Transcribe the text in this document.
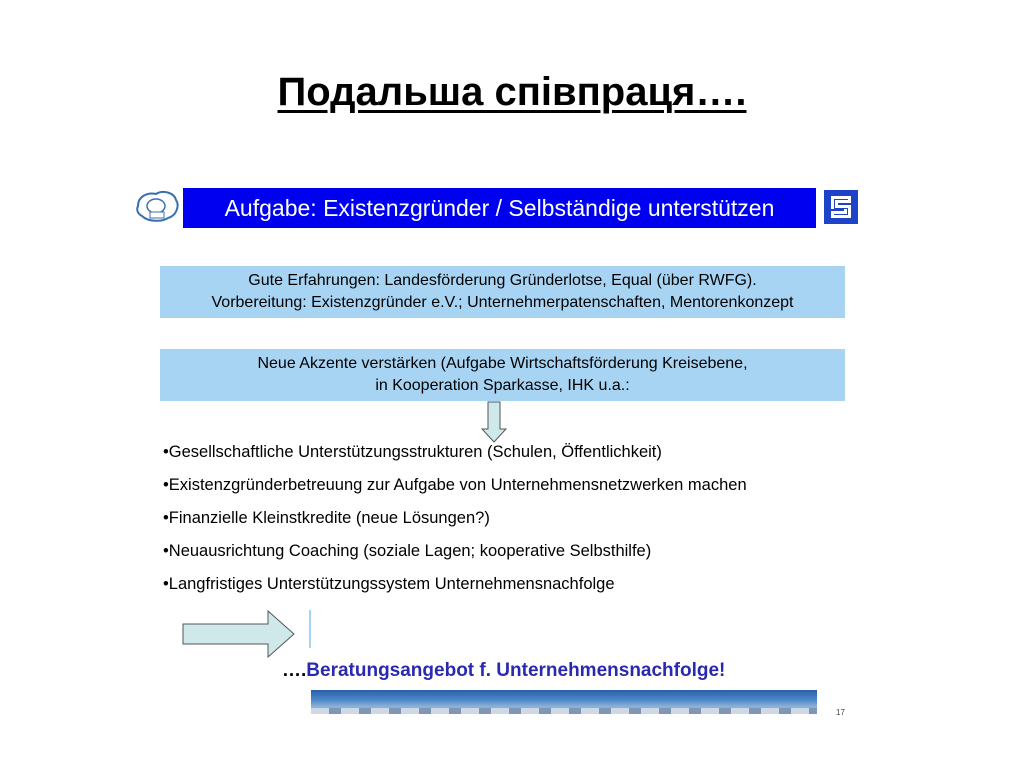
Подальша співпраця….
Aufgabe: Existenzgründer / Selbständige unterstützen
Gute Erfahrungen: Landesförderung Gründerlotse, Equal (über RWFG).
Vorbereitung: Existenzgründer e.V.; Unternehmerpatenschaften, Mentorenkonzept
Neue Akzente verstärken (Aufgabe Wirtschaftsförderung Kreisebene,
in Kooperation Sparkasse, IHK u.a.:
•Gesellschaftliche Unterstützungsstrukturen (Schulen, Öffentlichkeit)
•Existenzgründerbetreuung zur Aufgabe von Unternehmensnetzwerken machen
•Finanzielle Kleinstkredite (neue Lösungen?)
•Neuausrichtung Coaching (soziale Lagen; kooperative Selbsthilfe)
•Langfristiges Unterstützungssystem Unternehmensnachfolge
….Beratungsangebot f. Unternehmensnachfolge!
17
